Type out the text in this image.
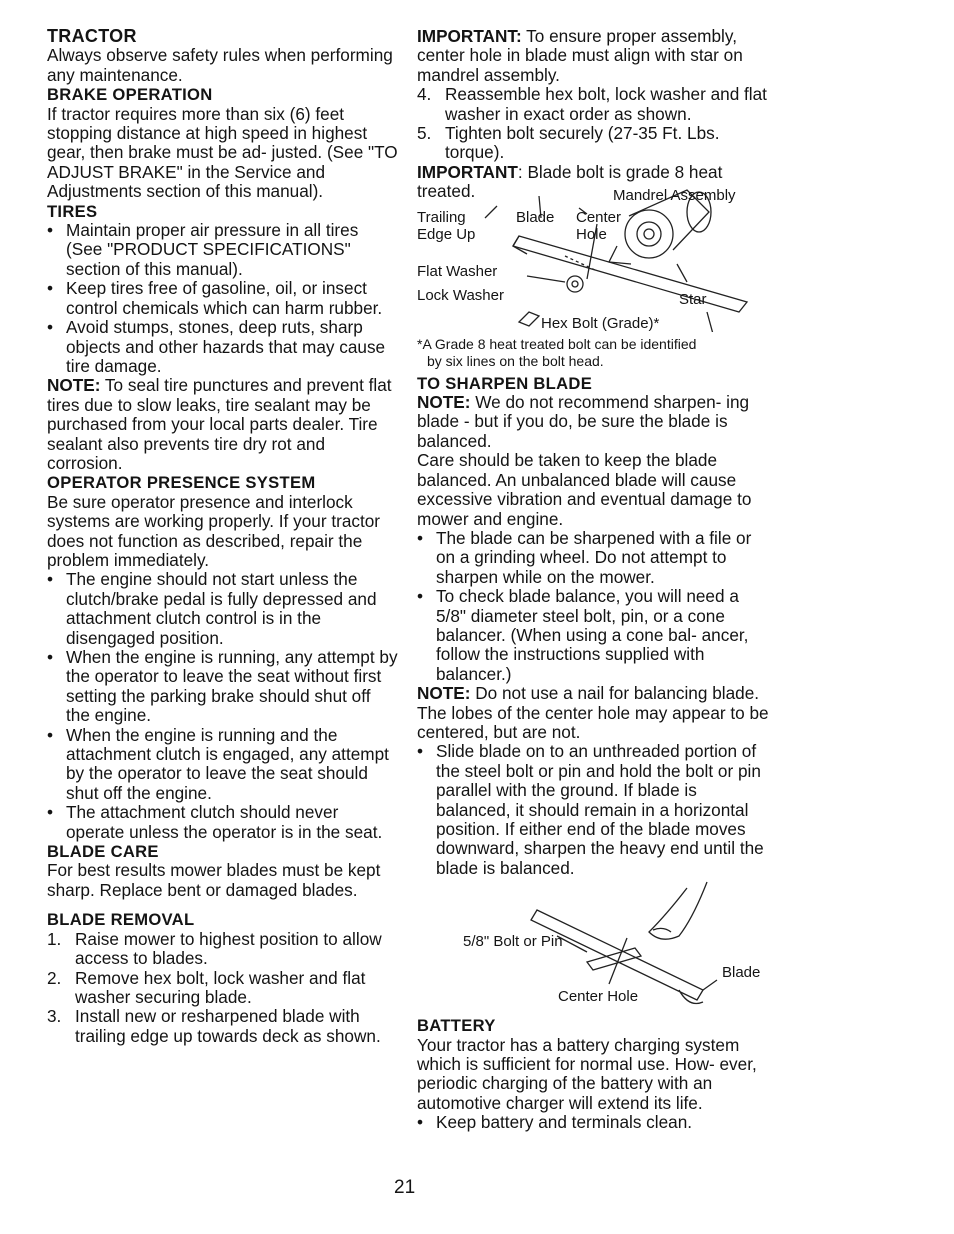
TRACTOR

Always observe safety rules when performing any maintenance.

BRAKE OPERATION

If tractor requires more than six (6) feet stopping distance at high speed in highest gear, then brake must be ad- justed. (See "TO ADJUST BRAKE" in the Service and Adjustments section of this manual).

TIRES
• Maintain proper air pressure in all tires (See "PRODUCT SPECIFICATIONS" section of this manual).
• Keep tires free of gasoline, oil, or insect control chemicals which can harm rubber.
• Avoid stumps, stones, deep ruts, sharp objects and other hazards that may cause tire damage.

NOTE: To seal tire punctures and prevent flat tires due to slow leaks, tire sealant may be purchased from your local parts dealer. Tire sealant also prevents tire dry rot and corrosion.

OPERATOR PRESENCE SYSTEM

Be sure operator presence and interlock systems are working properly. If your tractor does not function as described, repair the problem immediately.

• The engine should not start unless the clutch/brake pedal is fully depressed and attachment clutch control is in the disengaged position.
• When the engine is running, any attempt by the operator to leave the seat without first setting the parking brake should shut off the engine.
• When the engine is running and the attachment clutch is engaged, any attempt by the operator to leave the seat should shut off the engine.
• The attachment clutch should never operate unless the operator is in the seat.
BLADE CARE

For best results mower blades must be kept sharp. Replace bent or damaged blades.

BLADE REMOVAL
1. Raise mower to highest position to allow access to blades.
2. Remove hex bolt, lock washer and flat washer securing blade.
3. Install new or resharpened blade with trailing edge up towards deck as shown.

IMPORTANT: To ensure proper assembly, center hole in blade must align with star on mandrel assembly.

4. Reassemble hex bolt, lock washer and flat washer in exact order as shown.
5. Tighten bolt securely (27-35 Ft. Lbs. torque).

IMPORTANT: Blade bolt is grade 8 heat treated.	Mandrel Assembly
Trailing
Edge Up
Blade Center
Hole
Flat Washer
Lock Washer	Star
Hex Bolt (Grade)*
*A Grade 8 heat treated bolt can be identified
by six lines on the bolt head.
TO SHARPEN BLADE

NOTE: We do not recommend sharpen- ing blade - but if you do, be sure the blade is balanced.

Care should be taken to keep the blade balanced. An unbalanced blade will cause excessive vibration and eventual damage to mower and engine.

• The blade can be sharpened with a file or on a grinding wheel. Do not attempt to sharpen while on the mower.
• To check blade balance, you will need a 5/8" diameter steel bolt, pin, or a cone balancer. (When using a cone bal- ancer, follow the instructions supplied with balancer.)

NOTE: Do not use a nail for balancing blade. The lobes of the center hole may appear to be centered, but are not.

• Slide blade on to an unthreaded portion of the steel bolt or pin and hold the bolt or pin parallel with the ground. If blade is balanced, it should remain in a horizontal position. If either end of the blade moves downward, sharpen the heavy end until the blade is balanced.
5/8" Bolt or Pin
Blade
Center Hole
BATTERY

Your tractor has a battery charging system which is sufficient for normal use. How- ever, periodic charging of the battery with an automotive charger will extend its life.

• Keep battery and terminals clean.
21
